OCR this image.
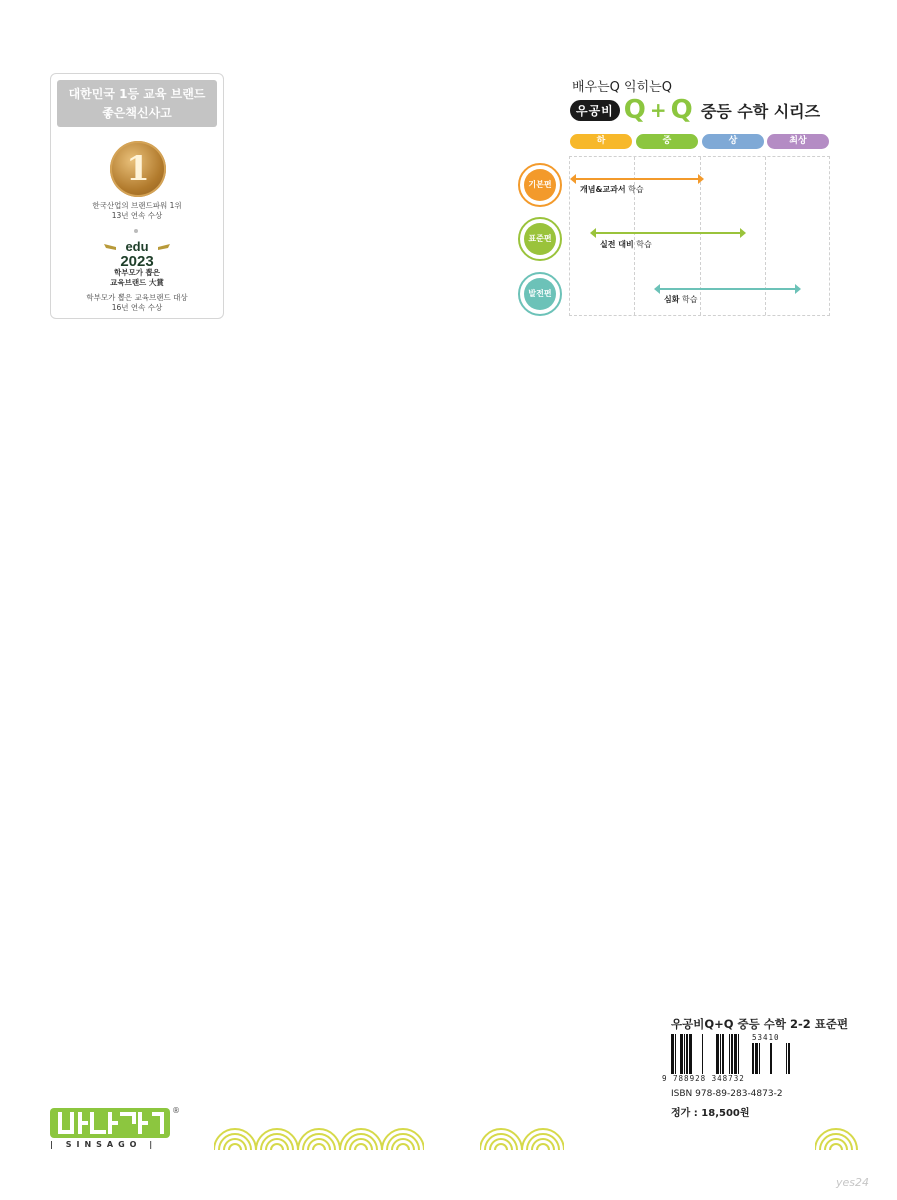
대한민국 1등 교육 브랜드
좋은책신사고
1
한국산업의 브랜드파워 1위
13년 연속 수상
edu
2023
학부모가 뽑은
교육브랜드 大賞
학부모가 뽑은 교육브랜드 대상
16년 연속 수상
배우는Q 익히는Q
우공비 Q + Q 중등 수학 시리즈
하	중	상	최상
기본편
개념&교과서 학습
표준편
실전 대비 학습
발전편
심화 학습
우공비Q+Q 중등 수학 2-2 표준편
53410
9 788928 348732
ISBN 978-89-283-4873-2
정가 : 18,500원
®
| SINSAGO |
yes24
